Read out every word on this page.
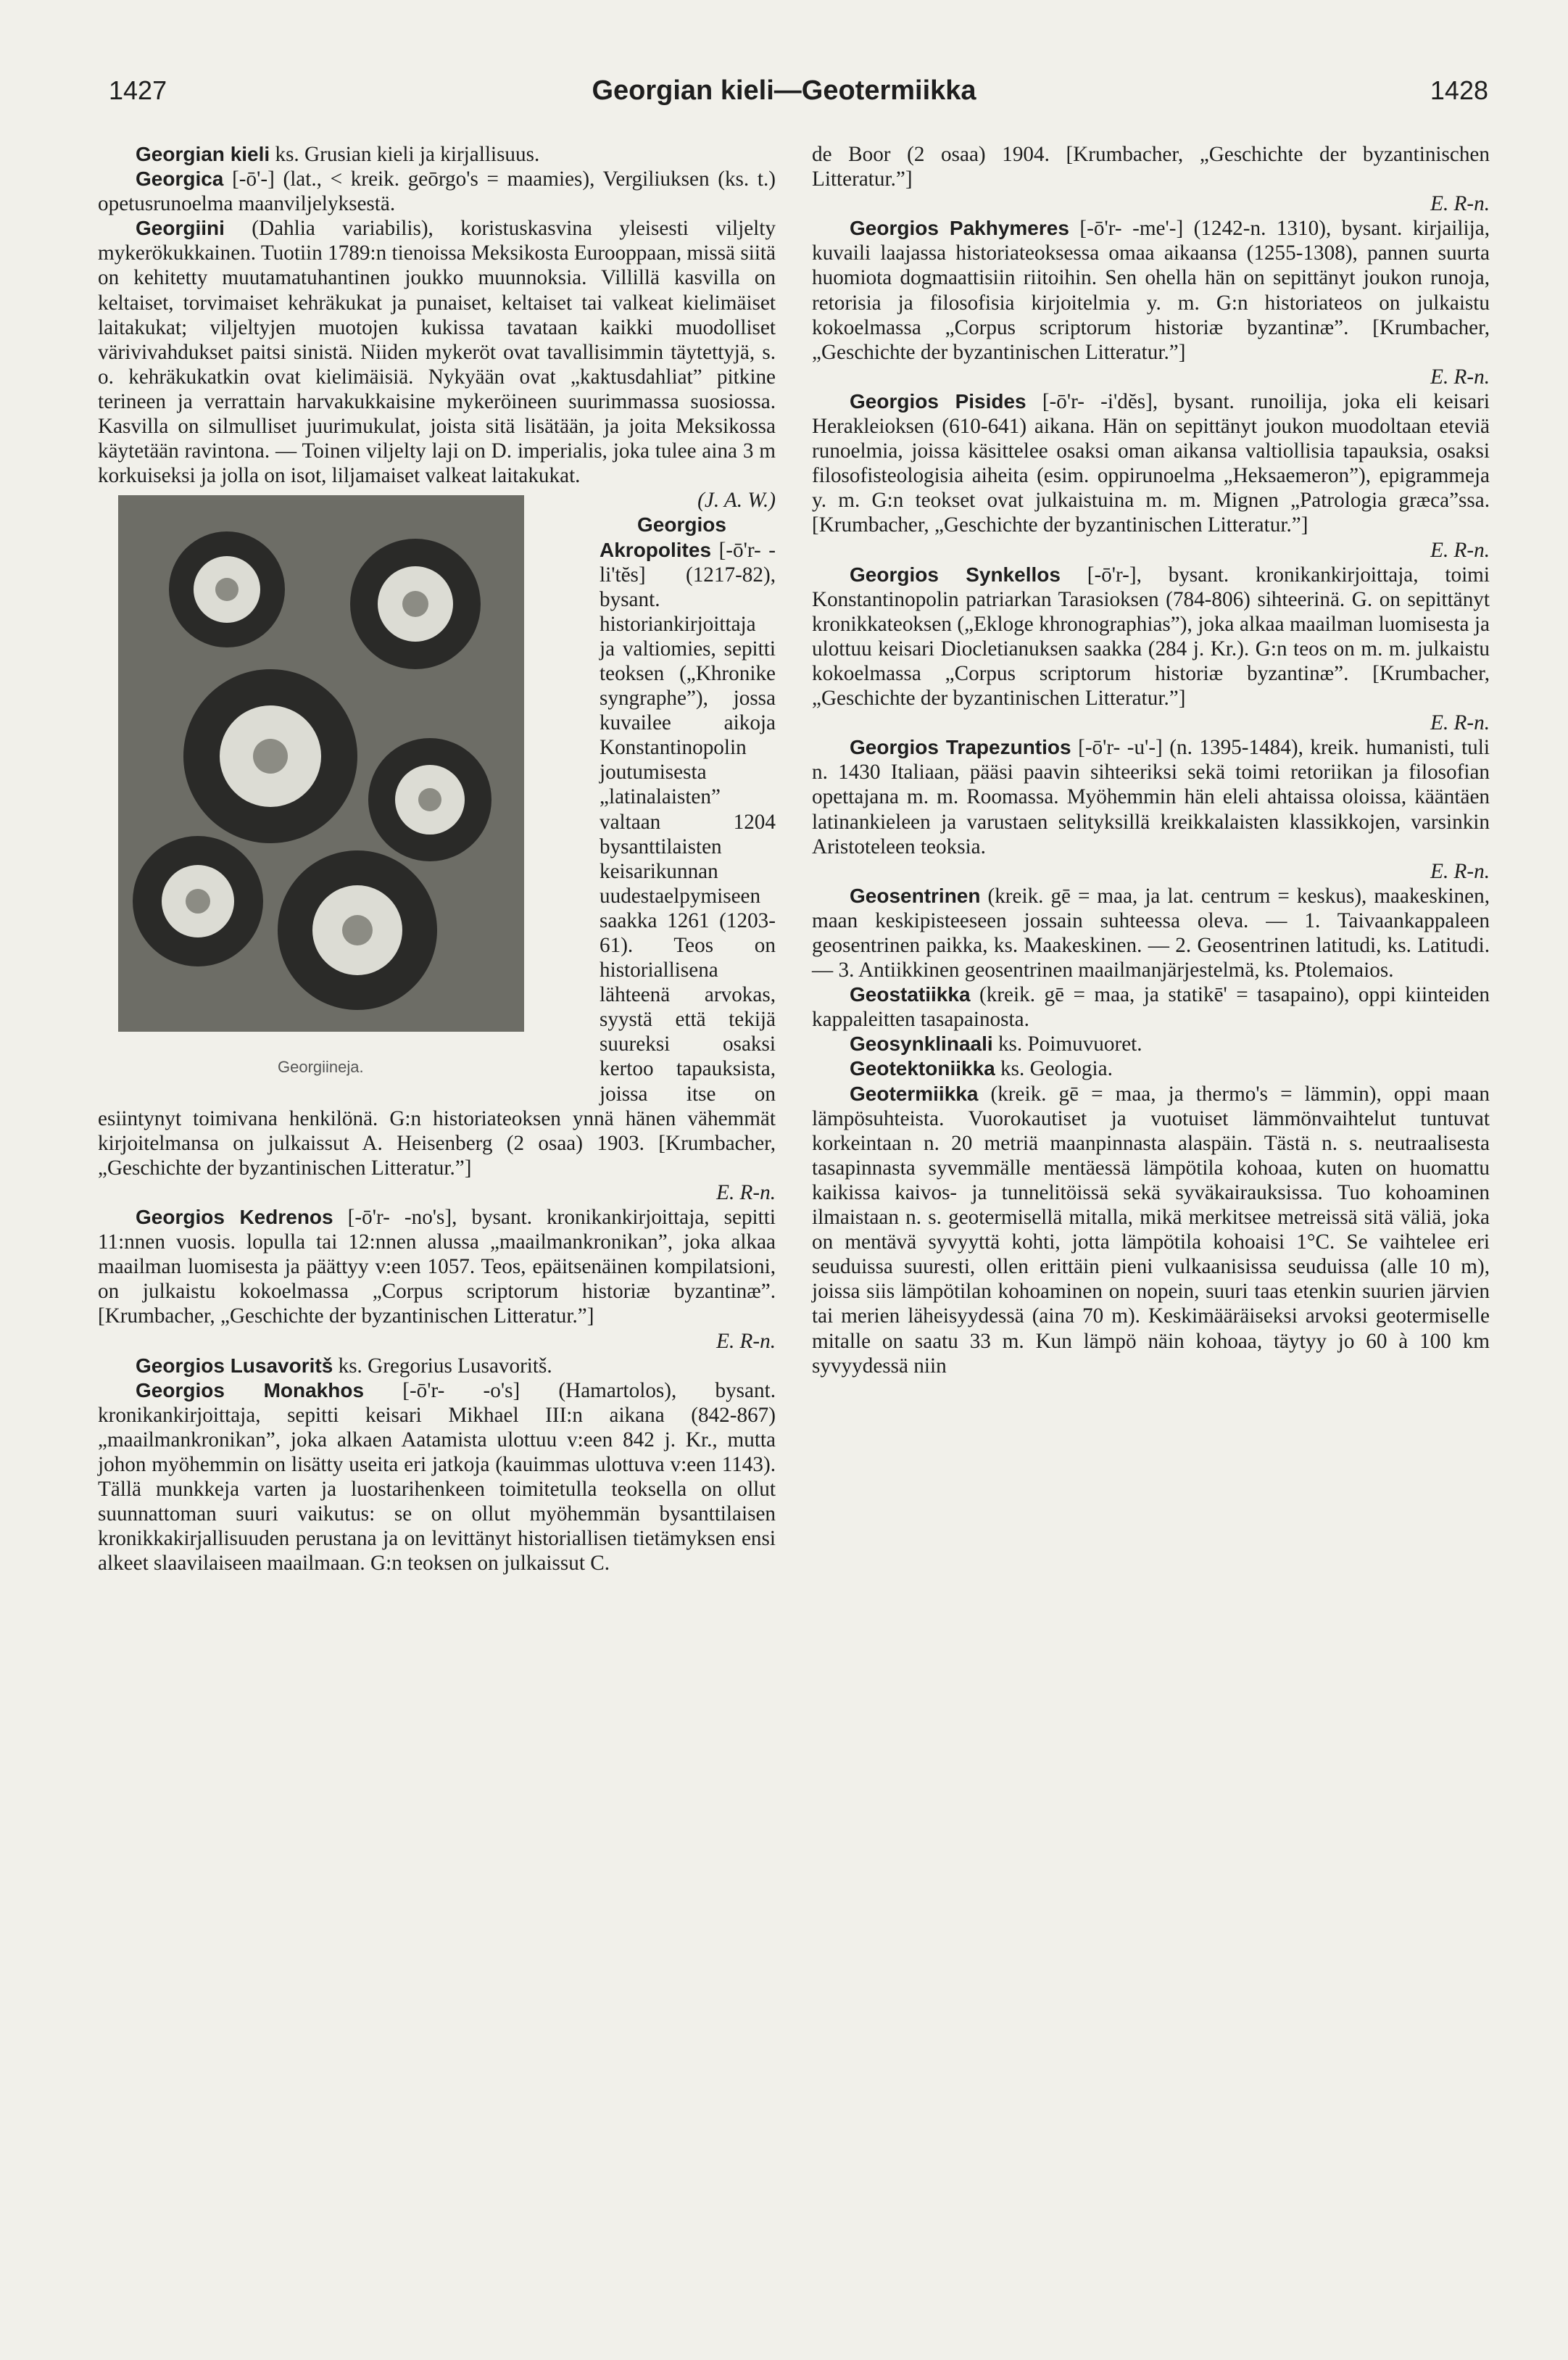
1427	Georgian kieli—Geotermiikka	1428

Georgian kieli ks. Grusian kieli ja kirjallisuus.

Georgica [-ō'-] (lat., < kreik. geōrgo's = maamies), Vergiliuksen (ks. t.) opetusrunoelma maanviljelyksestä.

Georgiini (Dahlia variabilis), koristuskasvina yleisesti viljelty mykerökukkainen. Tuotiin 1789:n tienoissa Meksikosta Eurooppaan, missä siitä on kehitetty muutamatuhantinen joukko muunnoksia. Villillä kasvilla on keltaiset, torvimaiset kehräkukat ja punaiset, keltaiset tai valkeat kielimäiset laitakukat; viljeltyjen muotojen kukissa tavataan kaikki muodolliset värivivahdukset paitsi sinistä. Niiden mykeröt ovat tavallisimmin täytettyjä, s. o. kehräkukatkin ovat kielimäisiä. Nykyään ovat „kaktusdahliat” pitkine terineen ja verrattain harvakukkaisine mykeröineen suurimmassa suosiossa. Kasvilla on silmulliset juurimukulat, joista sitä lisätään, ja joita Meksikossa käytetään ravintona. — Toinen viljelty laji on D. imperialis, joka tulee aina 3 m korkuiseksi ja jolla on isot, liljamaiset valkeat laitakukat.

Georgiineja.

(J. A. W.)

Georgios Akropolites [-ō'r- -li'tĕs] (1217-82), bysant. historiankirjoittaja ja valtiomies, sepitti teoksen („Khronike syngraphe”), jossa kuvailee aikoja Konstantinopolin joutumisesta „latinalaisten” valtaan 1204 bysanttilaisten keisarikunnan uudestaelpymiseen saakka 1261 (1203-61). Teos on historiallisena lähteenä arvokas, syystä että tekijä suureksi osaksi kertoo tapauksista, joissa itse on esiintynyt toimivana henkilönä. G:n historiateoksen ynnä hänen vähemmät kirjoitelmansa on julkaissut A. Heisenberg (2 osaa) 1903. [Krumbacher, „Geschichte der byzantinischen Litteratur.”]

E. R-n.

Georgios Kedrenos [-ō'r- -no's], bysant. kronikankirjoittaja, sepitti 11:nnen vuosis. lopulla tai 12:nnen alussa „maailmankronikan”, joka alkaa maailman luomisesta ja päättyy v:een 1057. Teos, epäitsenäinen kompilatsioni, on julkaistu kokoelmassa „Corpus scriptorum historiæ byzantinæ”. [Krumbacher, „Geschichte der byzantinischen Litteratur.”]

E. R-n.

Georgios Lusavoritš ks. Gregorius Lusavoritš.

Georgios Monakhos [-ō'r- -o's] (Hamartolos), bysant. kronikankirjoittaja, sepitti keisari Mikhael III:n aikana (842-867) „maailmankronikan”, joka alkaen Aatamista ulottuu v:een 842 j. Kr., mutta johon myöhemmin on lisätty useita eri jatkoja (kauimmas ulottuva v:een 1143). Tällä munkkeja varten ja luostarihenkeen toimitetulla teoksella on ollut suunnattoman suuri vaikutus: se on ollut myöhemmän bysanttilaisen kronikkakirjallisuuden perustana ja on levittänyt historiallisen tietämyksen ensi alkeet slaavilaiseen maailmaan. G:n teoksen on julkaissut C.

de Boor (2 osaa) 1904. [Krumbacher, „Geschichte der byzantinischen Litteratur.”]

E. R-n.

Georgios Pakhymeres [-ō'r- -me'-] (1242-n. 1310), bysant. kirjailija, kuvaili laajassa historiateoksessa omaa aikaansa (1255-1308), pannen suurta huomiota dogmaattisiin riitoihin. Sen ohella hän on sepittänyt joukon runoja, retorisia ja filosofisia kirjoitelmia y. m. G:n historiateos on julkaistu kokoelmassa „Corpus scriptorum historiæ byzantinæ”. [Krumbacher, „Geschichte der byzantinischen Litteratur.”]

E. R-n.

Georgios Pisides [-ō'r- -i'dĕs], bysant. runoilija, joka eli keisari Herakleioksen (610-641) aikana. Hän on sepittänyt joukon muodoltaan eteviä runoelmia, joissa käsittelee osaksi oman aikansa valtiollisia tapauksia, osaksi filosofisteologisia aiheita (esim. oppirunoelma „Heksaemeron”), epigrammeja y. m. G:n teokset ovat julkaistuina m. m. Mignen „Patrologia græca”ssa. [Krumbacher, „Geschichte der byzantinischen Litteratur.”]

E. R-n.

Georgios Synkellos [-ō'r-], bysant. kronikankirjoittaja, toimi Konstantinopolin patriarkan Tarasioksen (784-806) sihteerinä. G. on sepittänyt kronikkateoksen („Ekloge khronographias”), joka alkaa maailman luomisesta ja ulottuu keisari Diocletianuksen saakka (284 j. Kr.). G:n teos on m. m. julkaistu kokoelmassa „Corpus scriptorum historiæ byzantinæ”. [Krumbacher, „Geschichte der byzantinischen Litteratur.”]

E. R-n.

Georgios Trapezuntios [-ō'r- -u'-] (n. 1395-1484), kreik. humanisti, tuli n. 1430 Italiaan, pääsi paavin sihteeriksi sekä toimi retoriikan ja filosofian opettajana m. m. Roomassa. Myöhemmin hän eleli ahtaissa oloissa, kääntäen latinankieleen ja varustaen selityksillä kreikkalaisten klassikkojen, varsinkin Aristoteleen teoksia.

E. R-n.

Geosentrinen (kreik. gē = maa, ja lat. centrum = keskus), maakeskinen, maan keskipisteeseen jossain suhteessa oleva. — 1. Taivaankappaleen geosentrinen paikka, ks. Maakeskinen. — 2. Geosentrinen latitudi, ks. Latitudi. — 3. Antiikkinen geosentrinen maailmanjärjestelmä, ks. Ptolemaios.

Geostatiikka (kreik. gē = maa, ja statikē' = tasapaino), oppi kiinteiden kappaleitten tasapainosta.

Geosynklinaali ks. Poimuvuoret.

Geotektoniikka ks. Geologia.

Geotermiikka (kreik. gē = maa, ja thermo's = lämmin), oppi maan lämpösuhteista. Vuorokautiset ja vuotuiset lämmönvaihtelut tuntuvat korkeintaan n. 20 metriä maanpinnasta alaspäin. Tästä n. s. neutraalisesta tasapinnasta syvemmälle mentäessä lämpötila kohoaa, kuten on huomattu kaikissa kaivos- ja tunnelitöissä sekä syväkairauksissa. Tuo kohoaminen ilmaistaan n. s. geotermisellä mitalla, mikä merkitsee metreissä sitä väliä, joka on mentävä syvyyttä kohti, jotta lämpötila kohoaisi 1°C. Se vaihtelee eri seuduissa suuresti, ollen erittäin pieni vulkaanisissa seuduissa (alle 10 m), joissa siis lämpötilan kohoaminen on nopein, suuri taas etenkin suurien järvien tai merien läheisyydessä (aina 70 m). Keskimääräiseksi arvoksi geotermiselle mitalle on saatu 33 m. Kun lämpö näin kohoaa, täytyy jo 60 à 100 km syvyydessä niin
